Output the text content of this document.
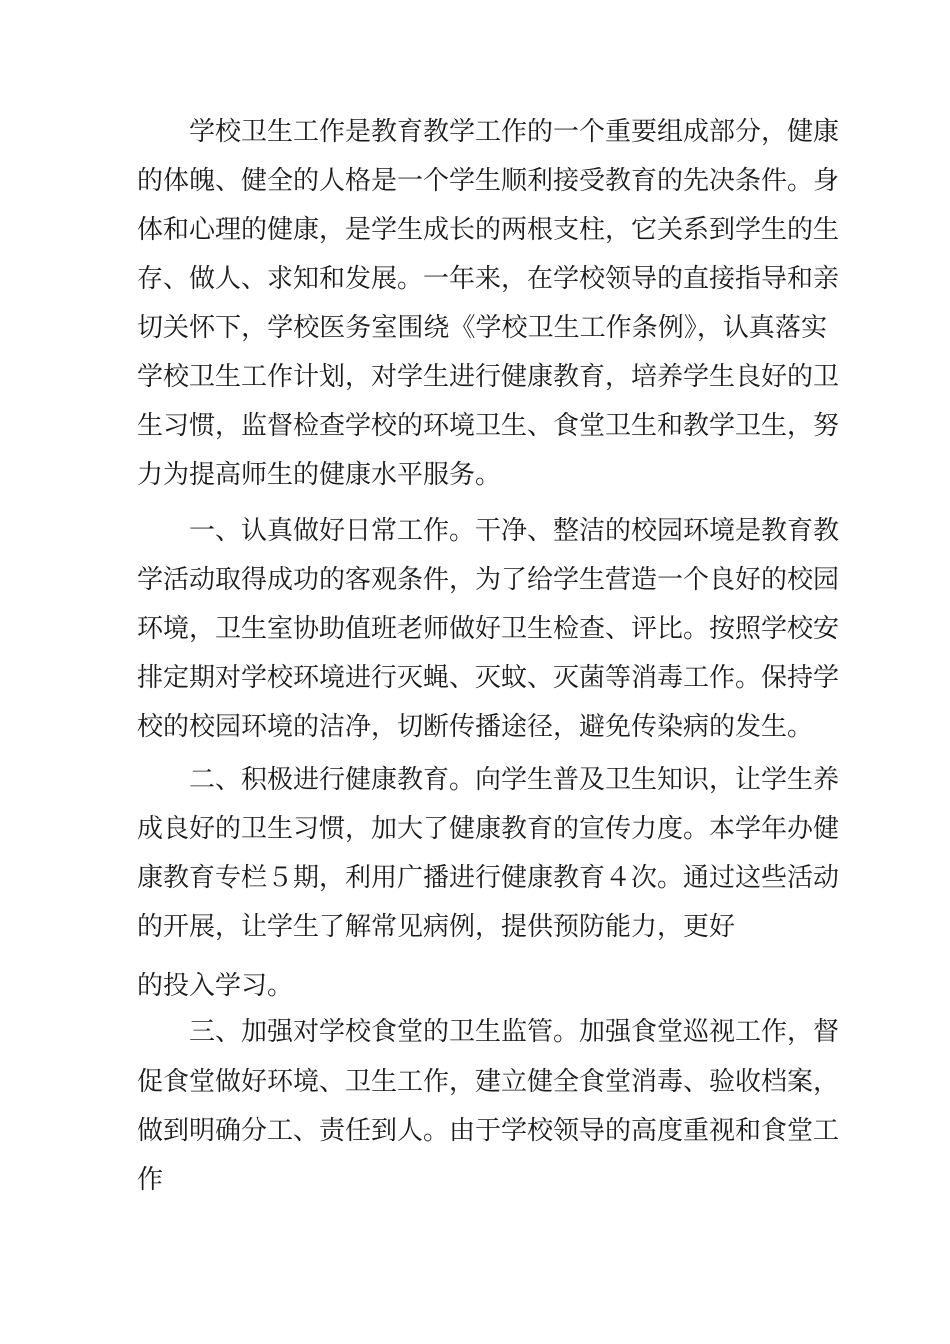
学校卫生工作是教育教学工作的一个重要组成部分，健康
的体魄、健全的人格是一个学生顺利接受教育的先决条件。身
体和心理的健康，是学生成长的两根支柱，它关系到学生的生
存、做人、求知和发展。一年来，在学校领导的直接指导和亲
切关怀下，学校医务室围绕《学校卫生工作条例》，认真落实
学校卫生工作计划，对学生进行健康教育，培养学生良好的卫
生习惯，监督检查学校的环境卫生、食堂卫生和教学卫生，努
力为提高师生的健康水平服务。
一、认真做好日常工作。干净、整洁的校园环境是教育教
学活动取得成功的客观条件，为了给学生营造一个良好的校园
环境，卫生室协助值班老师做好卫生检查、评比。按照学校安
排定期对学校环境进行灭蝇、灭蚊、灭菌等消毒工作。保持学
校的校园环境的洁净，切断传播途径，避免传染病的发生。
二、积极进行健康教育。向学生普及卫生知识，让学生养
成良好的卫生习惯，加大了健康教育的宣传力度。本学年办健
康教育专栏５期，利用广播进行健康教育４次。通过这些活动
的开展，让学生了解常见病例，提供预防能力，更好
的投入学习。
三、加强对学校食堂的卫生监管。加强食堂巡视工作，督
促食堂做好环境、卫生工作，建立健全食堂消毒、验收档案，
做到明确分工、责任到人。由于学校领导的高度重视和食堂工
作
